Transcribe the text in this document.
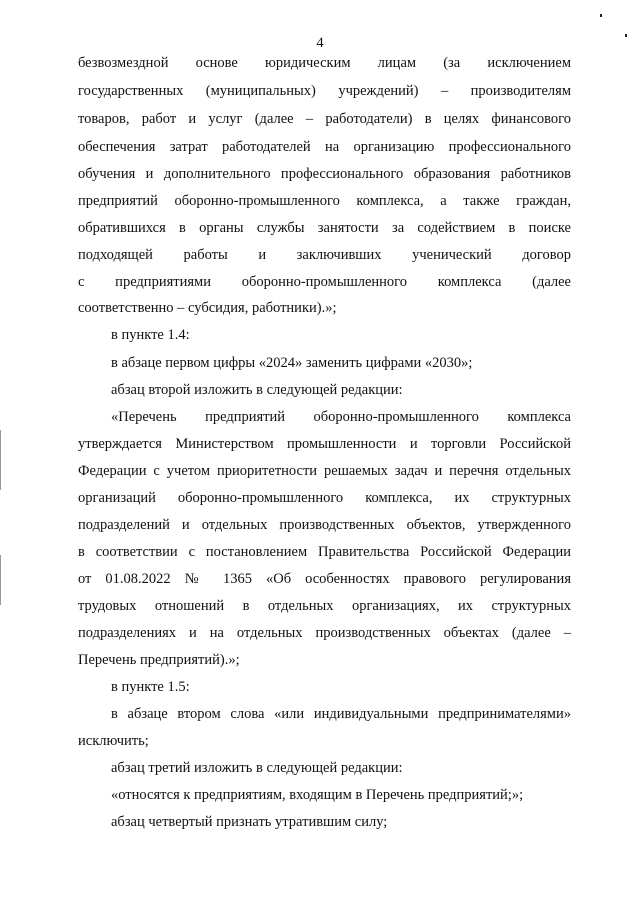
4
безвозмездной основе юридическим лицам (за исключением
государственных (муниципальных) учреждений) – производителям
товаров, работ и услуг (далее – работодатели) в целях финансового
обеспечения затрат работодателей на организацию профессионального
обучения и дополнительного профессионального образования работников
предприятий оборонно-промышленного комплекса, а также граждан,
обратившихся в органы службы занятости за содействием в поиске
подходящей работы и заключивших ученический договор
с предприятиями оборонно-промышленного комплекса (далее
соответственно – субсидия, работники).»;
в пункте 1.4:
в абзаце первом цифры «2024» заменить цифрами «2030»;
абзац второй изложить в следующей редакции:
«Перечень предприятий оборонно-промышленного комплекса
утверждается Министерством промышленности и торговли Российской
Федерации с учетом приоритетности решаемых задач и перечня отдельных
организаций оборонно-промышленного комплекса, их структурных
подразделений и отдельных производственных объектов, утвержденного
в соответствии с постановлением Правительства Российской Федерации
от 01.08.2022 № 1365 «Об особенностях правового регулирования
трудовых отношений в отдельных организациях, их структурных
подразделениях и на отдельных производственных объектах (далее –
Перечень предприятий).»;
в пункте 1.5:
в абзаце втором слова «или индивидуальными предпринимателями»
исключить;
абзац третий изложить в следующей редакции:
«относятся к предприятиям, входящим в Перечень предприятий;»;
абзац четвертый признать утратившим силу;
